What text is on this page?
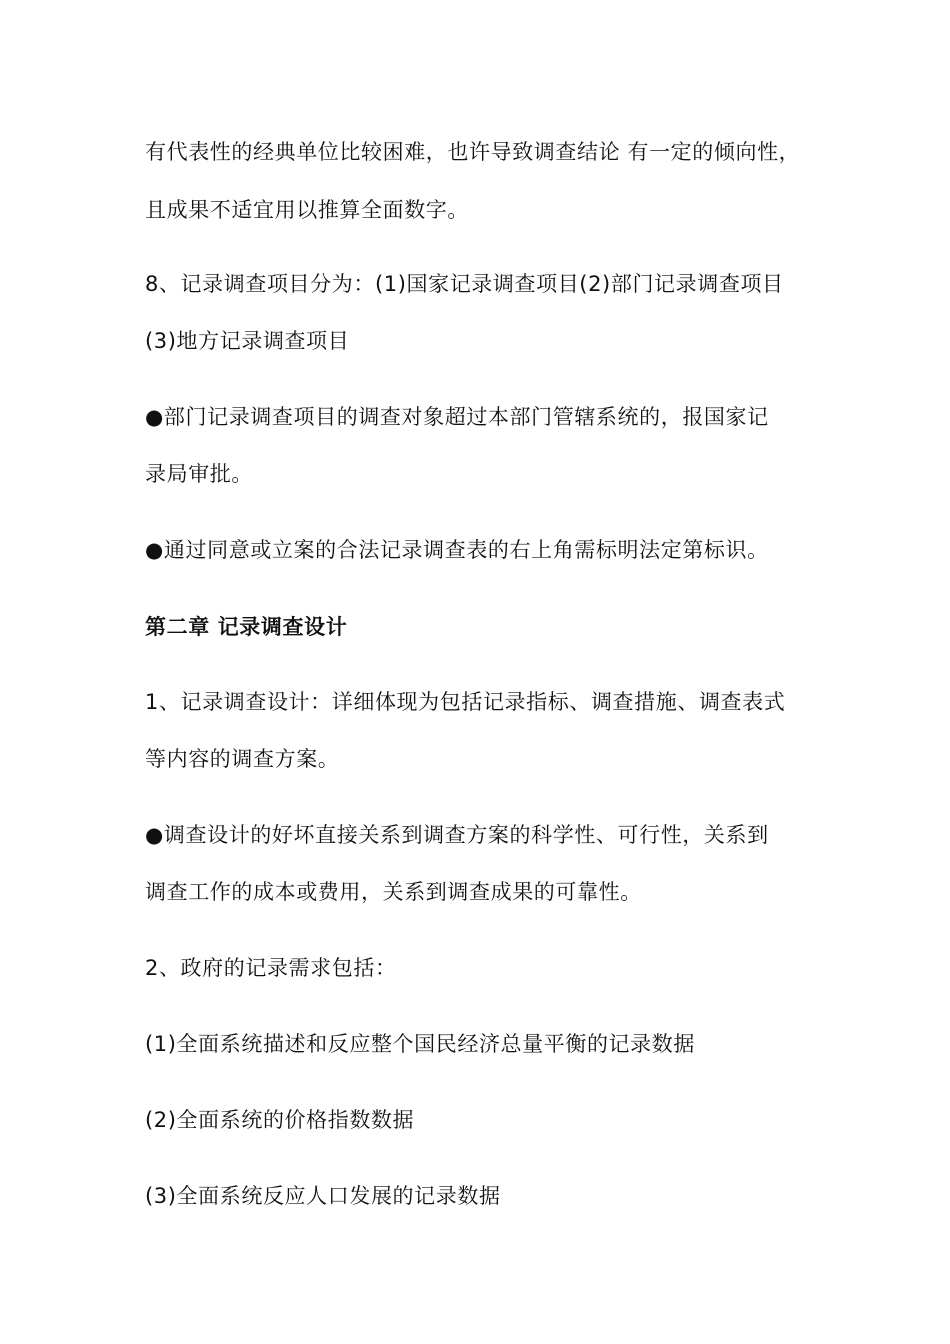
有代表性的经典单位比较困难，也许导致调查结论 有一定的倾向性，
且成果不适宜用以推算全面数字。
8、记录调查项目分为：(1)国家记录调查项目(2)部门记录调查项目
(3)地方记录调查项目
●部门记录调查项目的调查对象超过本部门管辖系统的，报国家记
录局审批。
●通过同意或立案的合法记录调查表的右上角需标明法定第标识。
第二章 记录调查设计
1、记录调查设计：详细体现为包括记录指标、调查措施、调查表式
等内容的调查方案。
●调查设计的好坏直接关系到调查方案的科学性、可行性，关系到
调查工作的成本或费用，关系到调查成果的可靠性。
2、政府的记录需求包括：
(1)全面系统描述和反应整个国民经济总量平衡的记录数据
(2)全面系统的价格指数数据
(3)全面系统反应人口发展的记录数据
